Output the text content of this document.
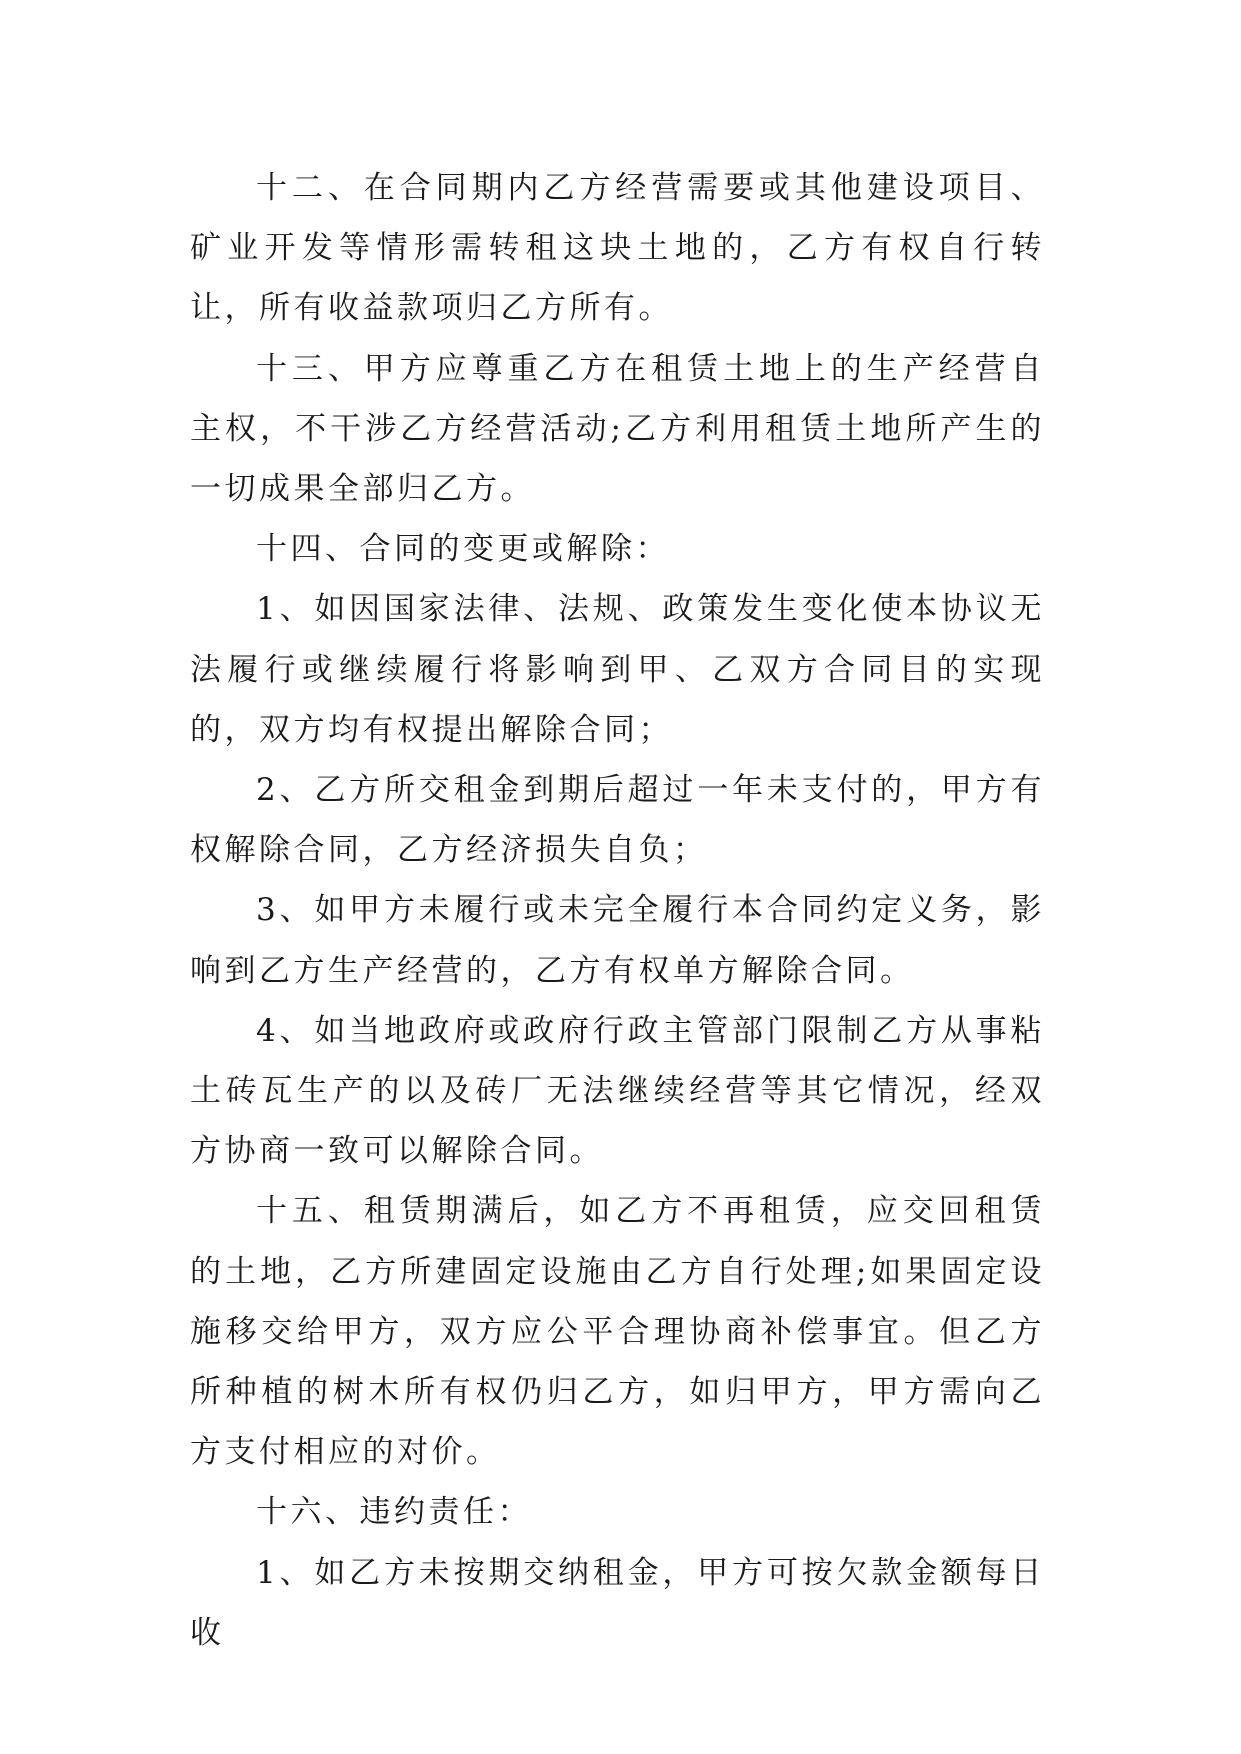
十二、在合同期内乙方经营需要或其他建设项目、矿业开发等情形需转租这块土地的，乙方有权自行转让，所有收益款项归乙方所有。

十三、甲方应尊重乙方在租赁土地上的生产经营自主权，不干涉乙方经营活动;乙方利用租赁土地所产生的一切成果全部归乙方。

十四、合同的变更或解除：

1、如因国家法律、法规、政策发生变化使本协议无法履行或继续履行将影响到甲、乙双方合同目的实现的，双方均有权提出解除合同；

2、乙方所交租金到期后超过一年未支付的，甲方有权解除合同，乙方经济损失自负；

3、如甲方未履行或未完全履行本合同约定义务，影响到乙方生产经营的，乙方有权单方解除合同。

4、如当地政府或政府行政主管部门限制乙方从事粘土砖瓦生产的以及砖厂无法继续经营等其它情况，经双方协商一致可以解除合同。

十五、租赁期满后，如乙方不再租赁，应交回租赁的土地，乙方所建固定设施由乙方自行处理;如果固定设施移交给甲方，双方应公平合理协商补偿事宜。但乙方所种植的树木所有权仍归乙方，如归甲方，甲方需向乙方支付相应的对价。

十六、违约责任：

1、如乙方未按期交纳租金，甲方可按欠款金额每日收
